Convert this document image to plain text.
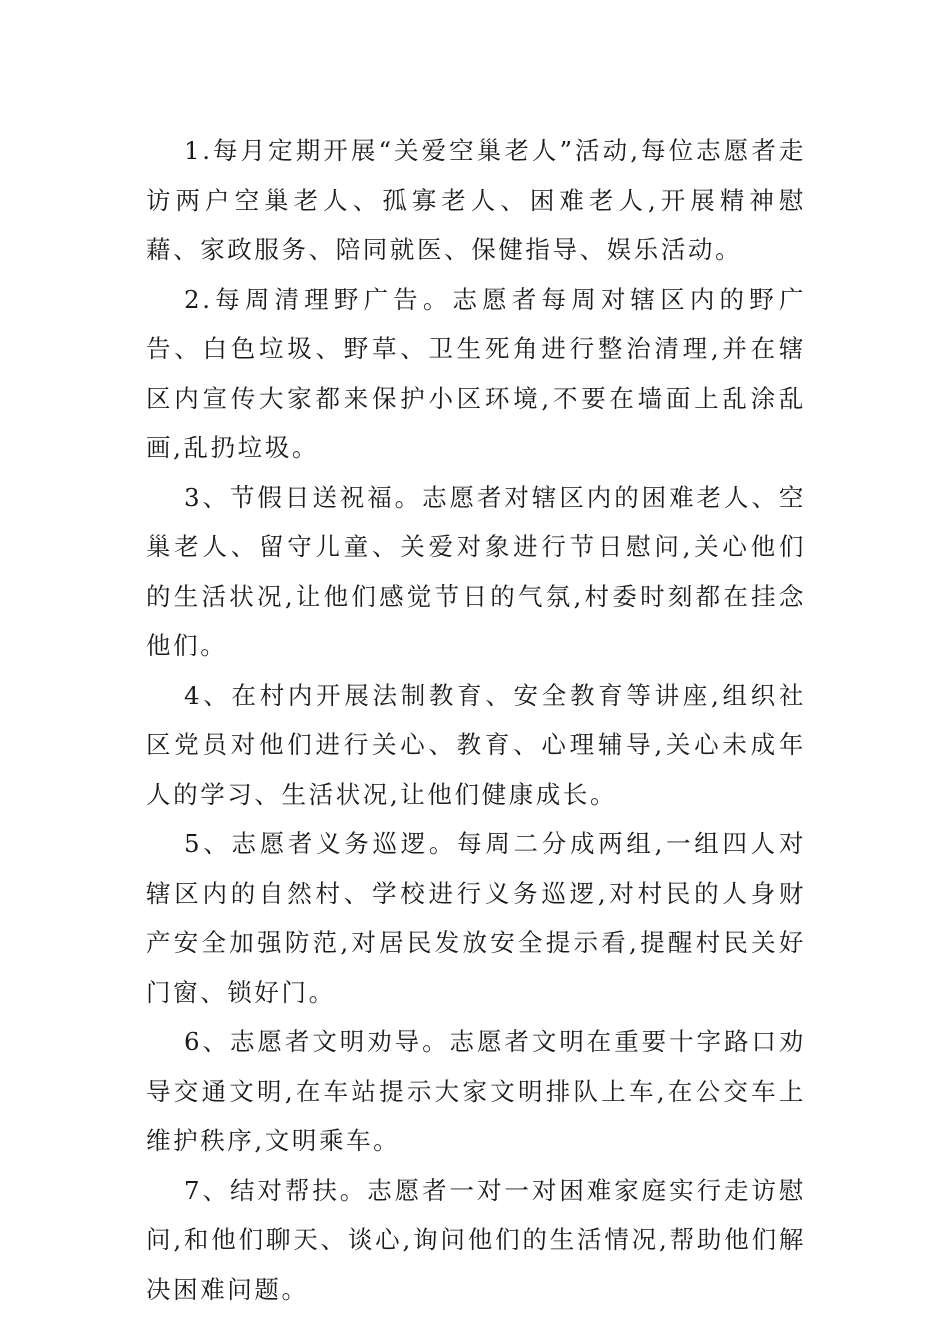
1.每月定期开展“关爱空巢老人”活动,每位志愿者走访两户空巢老人、孤寡老人、困难老人,开展精神慰藉、家政服务、陪同就医、保健指导、娱乐活动。

2.每周清理野广告。志愿者每周对辖区内的野广告、白色垃圾、野草、卫生死角进行整治清理,并在辖区内宣传大家都来保护小区环境,不要在墙面上乱涂乱画,乱扔垃圾。

3、节假日送祝福。志愿者对辖区内的困难老人、空巢老人、留守儿童、关爱对象进行节日慰问,关心他们的生活状况,让他们感觉节日的气氛,村委时刻都在挂念他们。

4、在村内开展法制教育、安全教育等讲座,组织社区党员对他们进行关心、教育、心理辅导,关心未成年人的学习、生活状况,让他们健康成长。

5、志愿者义务巡逻。每周二分成两组,一组四人对辖区内的自然村、学校进行义务巡逻,对村民的人身财产安全加强防范,对居民发放安全提示看,提醒村民关好门窗、锁好门。

6、志愿者文明劝导。志愿者文明在重要十字路口劝导交通文明,在车站提示大家文明排队上车,在公交车上维护秩序,文明乘车。

7、结对帮扶。志愿者一对一对困难家庭实行走访慰问,和他们聊天、谈心,询问他们的生活情况,帮助他们解决困难问题。
